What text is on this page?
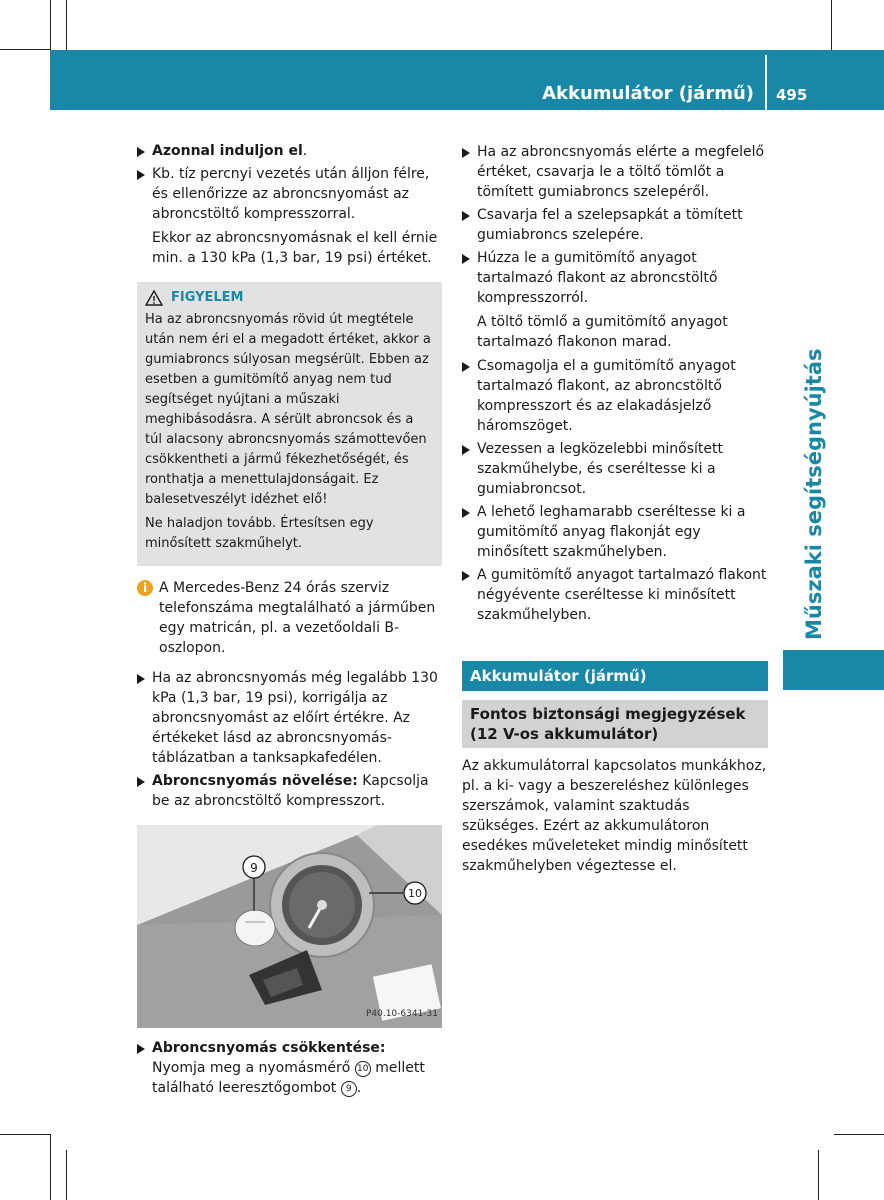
Akkumulátor (jármű) 495
Műszaki segítségnyújtás
Azonnal induljon el.
Kb. tíz percnyi vezetés után álljon félre, és ellenőrizze az abroncsnyomást az abroncstöltő kompresszorral.
Ekkor az abroncsnyomásnak el kell érnie min. a 130 kPa (1,3 bar, 19 psi) értéket.
FIGYELEM

Ha az abroncsnyomás rövid út megtétele után nem éri el a megadott értéket, akkor a gumiabroncs súlyosan megsérült. Ebben az esetben a gumitömítő anyag nem tud segítséget nyújtani a műszaki meghibásodásra. A sérült abroncsok és a túl alacsony abroncsnyomás számottevően csökkentheti a jármű fékezhetőségét, és ronthatja a menettulajdonságait. Ez balesetveszélyt idézhet elő!

Ne haladjon tovább. Értesítsen egy minősített szakműhelyt.

i A Mercedes-Benz 24 órás szerviz telefonszáma megtalálható a járműben egy matricán, pl. a vezetőoldali B-oszlopon.
Ha az abroncsnyomás még legalább 130 kPa (1,3 bar, 19 psi), korrigálja az abroncsnyomást az előírt értékre. Az értékeket lásd az abroncsnyomás-táblázatban a tanksapkafedélen.
Abroncsnyomás növelése: Kapcsolja be az abroncstöltő kompresszort.
9
10
P40.10-6341-31
Abroncsnyomás csökkentése: Nyomja meg a nyomásmérő 10 mellett található leeresztőgombot 9 .
Ha az abroncsnyomás elérte a megfelelő értéket, csavarja le a töltő tömlőt a tömített gumiabroncs szelepéről.
Csavarja fel a szelepsapkát a tömített gumiabroncs szelepére.
Húzza le a gumitömítő anyagot tartalmazó flakont az abroncstöltő kompresszorról.
A töltő tömlő a gumitömítő anyagot tartalmazó flakonon marad.
Csomagolja el a gumitömítő anyagot tartalmazó flakont, az abroncstöltő kompresszort és az elakadásjelző háromszöget.
Vezessen a legközelebbi minősített szakműhelybe, és cseréltesse ki a gumiabroncsot.
A lehető leghamarabb cseréltesse ki a gumitömítő anyag flakonját egy minősített szakműhelyben.
A gumitömítő anyagot tartalmazó flakont négyévente cseréltesse ki minősített szakműhelyben.
Akkumulátor (jármű)
Fontos biztonsági megjegyzések (12 V-os akkumulátor)
Az akkumulátorral kapcsolatos munkákhoz, pl. a ki- vagy a beszereléshez különleges szerszámok, valamint szaktudás szükséges. Ezért az akkumulátoron esedékes műveleteket mindig minősített szakműhelyben végeztesse el.
